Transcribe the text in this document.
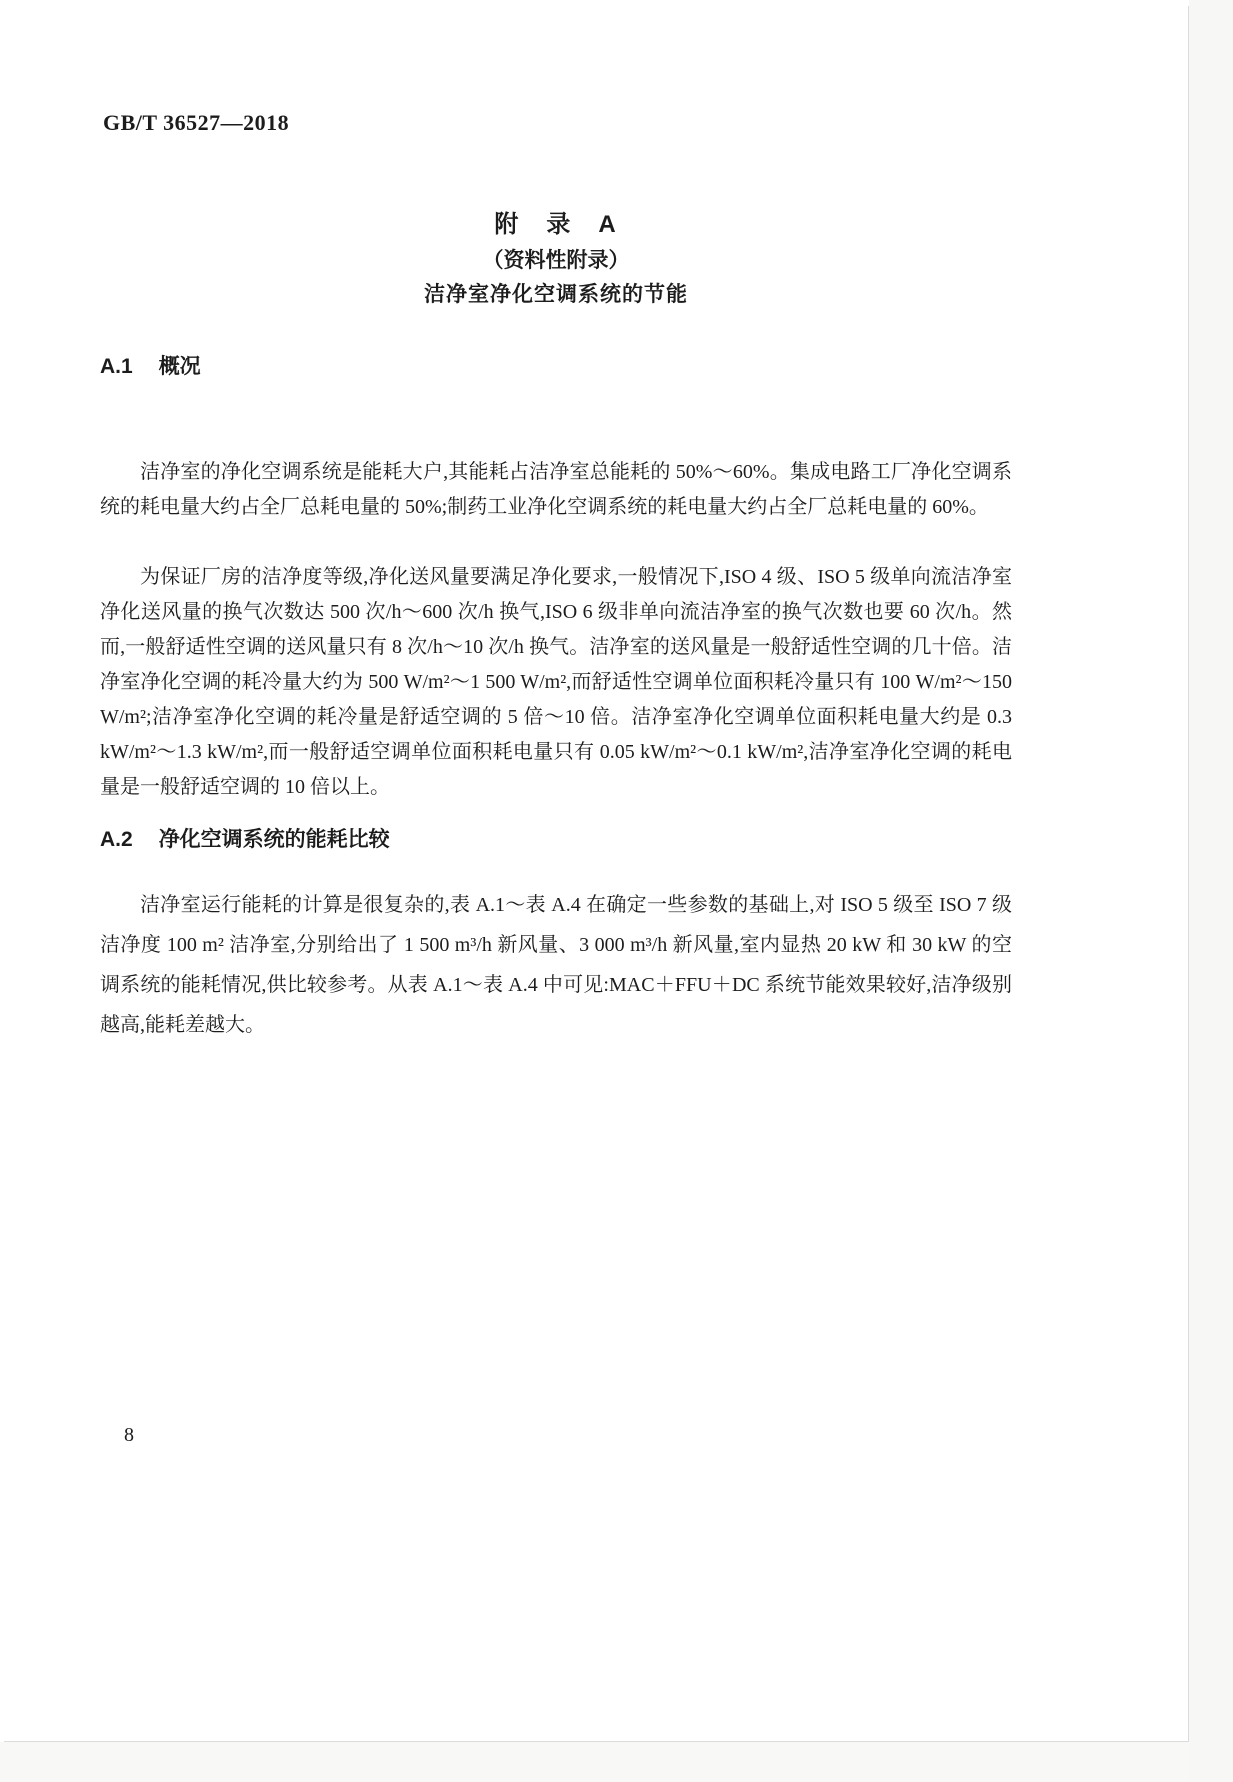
GB/T 36527—2018
附　录　A
（资料性附录）
洁净室净化空调系统的节能
A.1 概况

洁净室的净化空调系统是能耗大户,其能耗占洁净室总能耗的 50%～60%。集成电路工厂净化空调系统的耗电量大约占全厂总耗电量的 50%;制药工业净化空调系统的耗电量大约占全厂总耗电量的 60%。

为保证厂房的洁净度等级,净化送风量要满足净化要求,一般情况下,ISO 4 级、ISO 5 级单向流洁净室净化送风量的换气次数达 500 次/h～600 次/h 换气,ISO 6 级非单向流洁净室的换气次数也要 60 次/h。然而,一般舒适性空调的送风量只有 8 次/h～10 次/h 换气。洁净室的送风量是一般舒适性空调的几十倍。洁净室净化空调的耗冷量大约为 500 W/m²～1 500 W/m²,而舒适性空调单位面积耗冷量只有 100 W/m²～150 W/m²;洁净室净化空调的耗冷量是舒适空调的 5 倍～10 倍。洁净室净化空调单位面积耗电量大约是 0.3 kW/m²～1.3 kW/m²,而一般舒适空调单位面积耗电量只有 0.05 kW/m²～0.1 kW/m²,洁净室净化空调的耗电量是一般舒适空调的 10 倍以上。

A.2 净化空调系统的能耗比较

洁净室运行能耗的计算是很复杂的,表 A.1～表 A.4 在确定一些参数的基础上,对 ISO 5 级至 ISO 7 级洁净度 100 m² 洁净室,分别给出了 1 500 m³/h 新风量、3 000 m³/h 新风量,室内显热 20 kW 和 30 kW 的空调系统的能耗情况,供比较参考。从表 A.1～表 A.4 中可见:MAC＋FFU＋DC 系统节能效果较好,洁净级别越高,能耗差越大。

8
